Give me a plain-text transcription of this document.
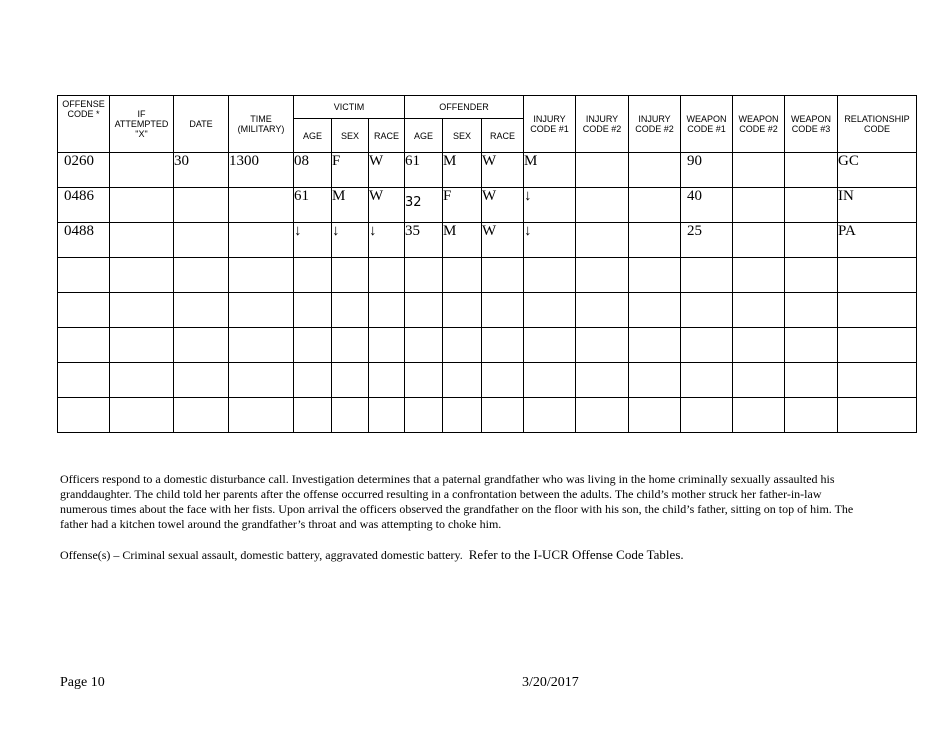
OFFENSE CODE *	IF ATTEMPTED "X"	DATE	TIME (MILITARY)	VICTIM			OFFENDER			INJURY CODE #1	INJURY CODE #2	INJURY CODE #2	WEAPON CODE #1	WEAPON CODE #2	WEAPON CODE #3	RELATIONSHIP CODE
				AGE	SEX	RACE	AGE	SEX	RACE							
0260		30	1300	08	F	W	61	M	W	M			90			GC
0486				61	M	W	32	F	W	↓			40			IN
0488				↓	↓	↓	35	M	W	↓			25			PA

Officers respond to a domestic disturbance call. Investigation determines that a paternal grandfather who was living in the home criminally sexually assaulted his granddaughter. The child told her parents after the offense occurred resulting in a confrontation between the adults. The child’s mother struck her father-in-law numerous times about the face with her fists. Upon arrival the officers observed the grandfather on the floor with his son, the child’s father, sitting on top of him. The father had a kitchen towel around the grandfather’s throat and was attempting to choke him.

Offense(s) – Criminal sexual assault, domestic battery, aggravated domestic battery. Refer to the I-UCR Offense Code Tables.
Page 10	3/20/2017
